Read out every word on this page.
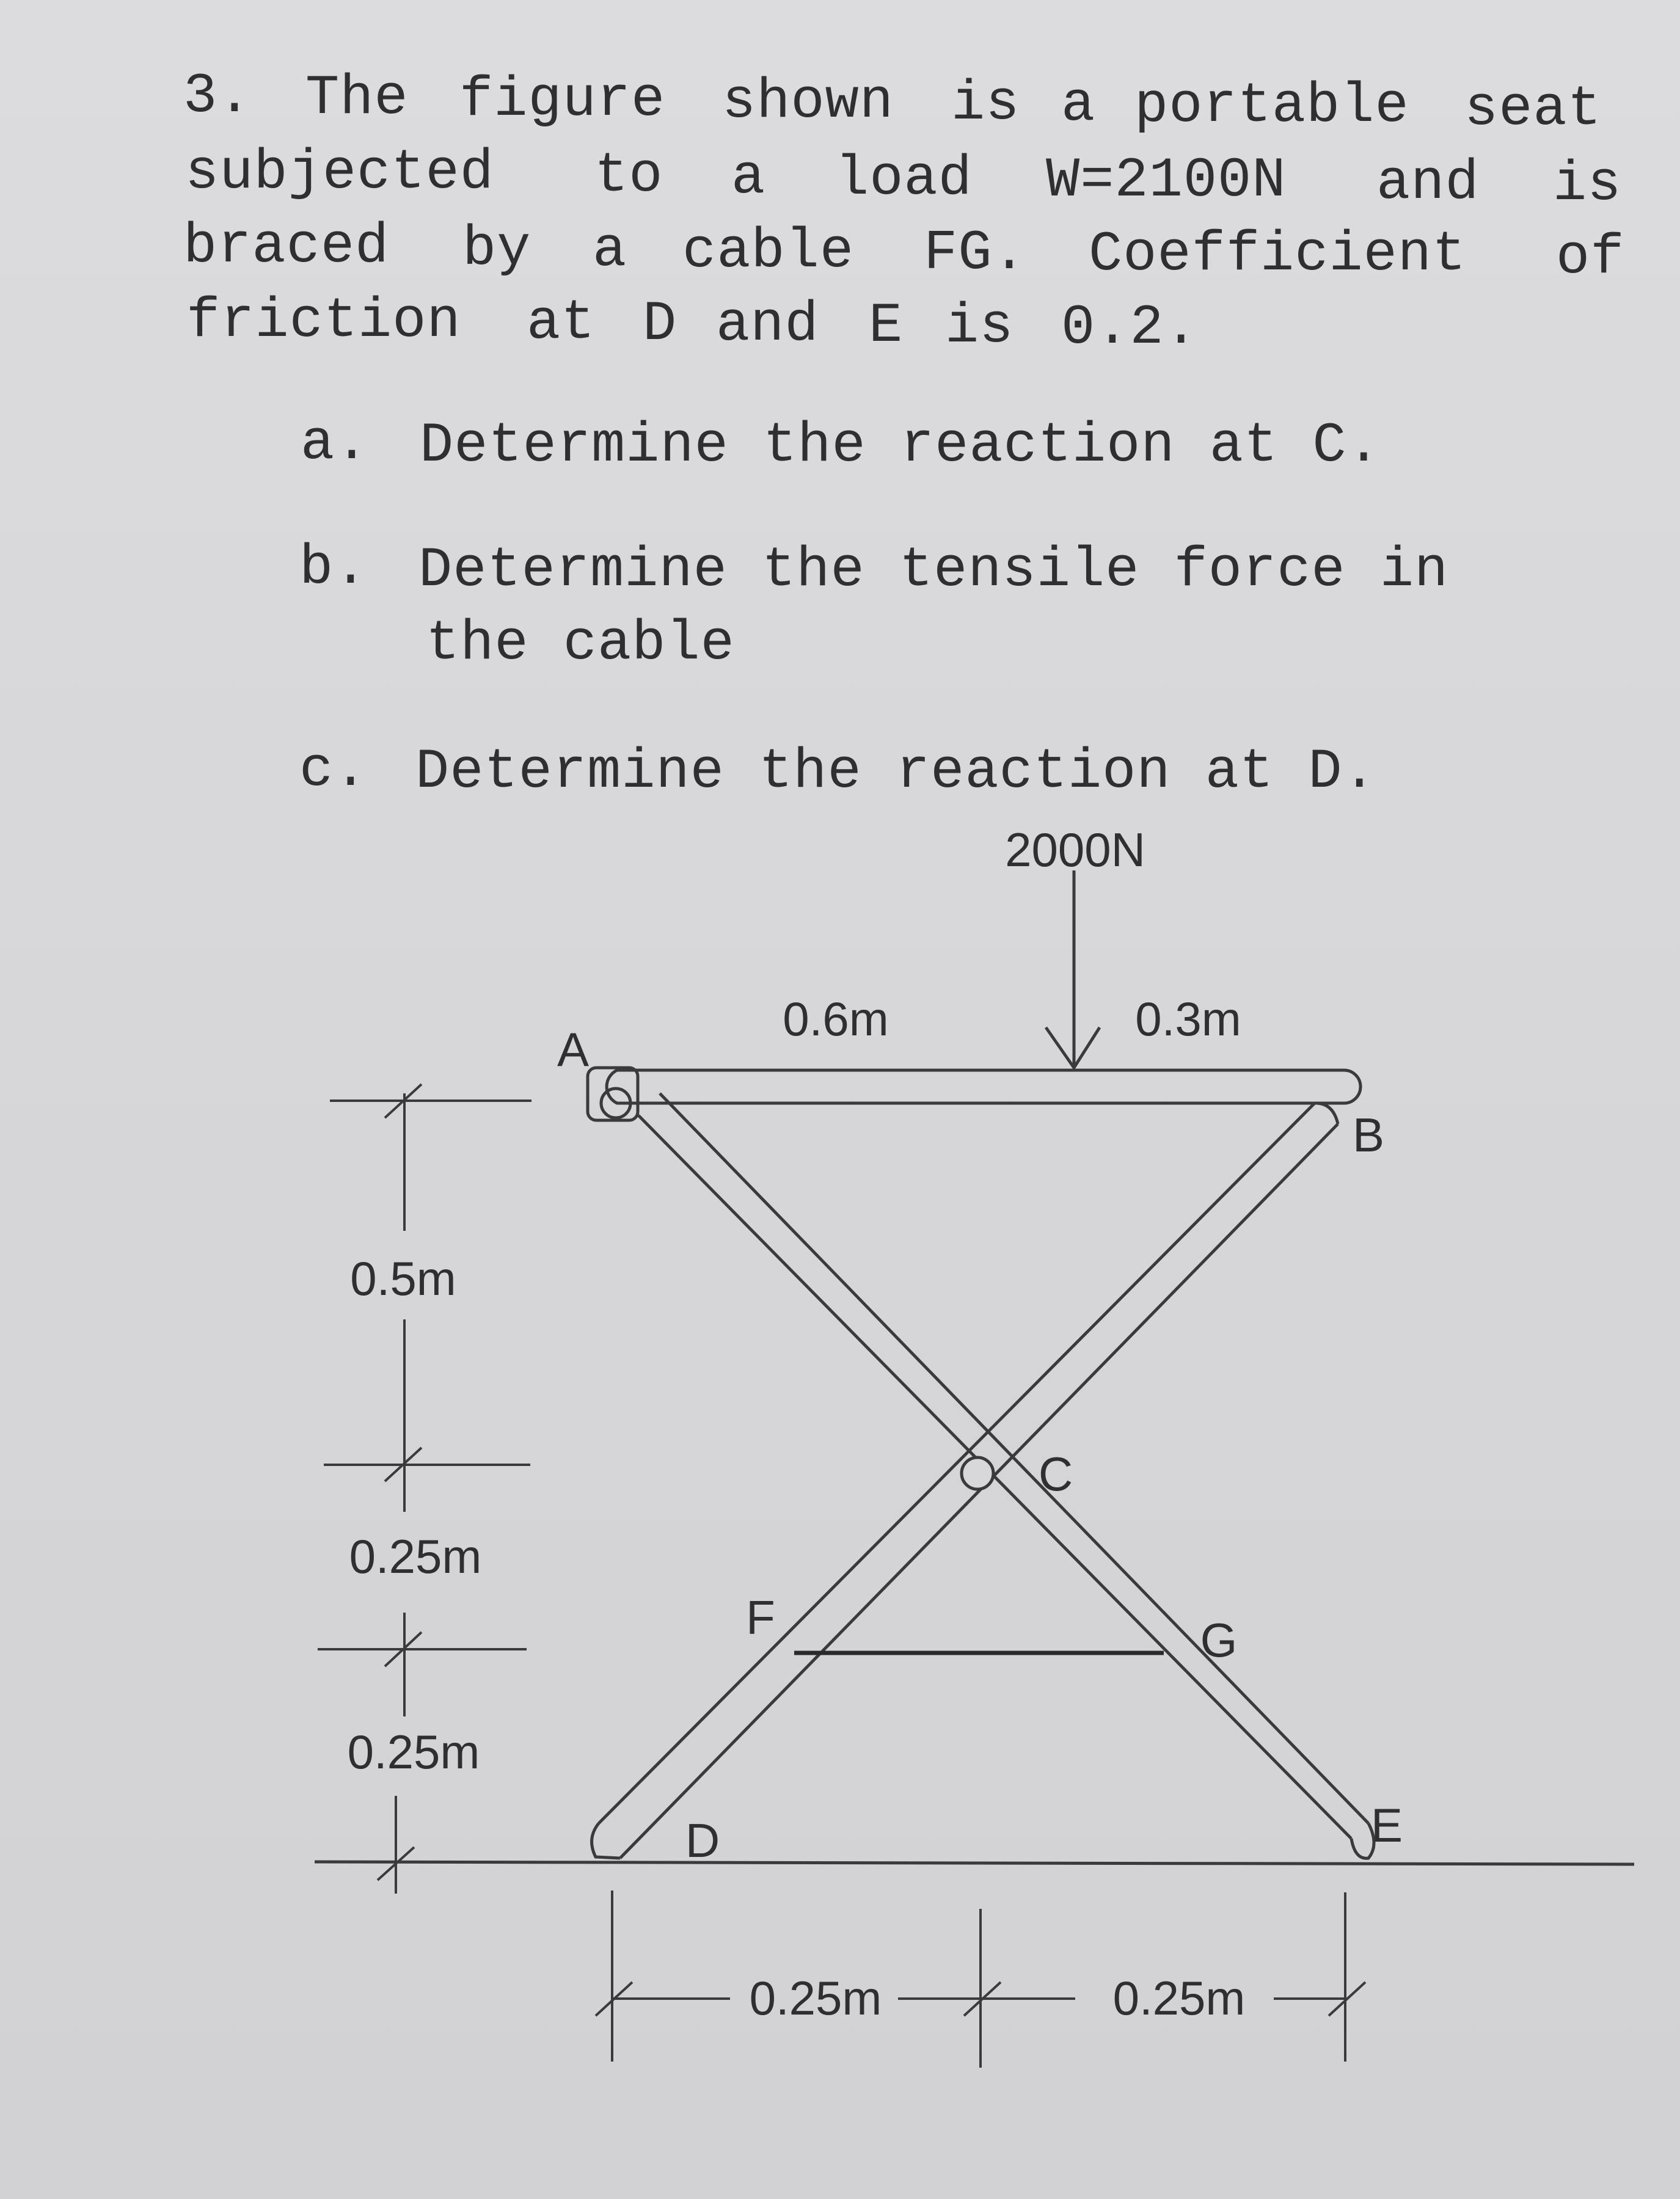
3. The figure shown is a portable seat
subjected to a load W=2100N and is
braced by a cable FG. Coefficient of
friction at D and E is 0.2.
a. Determine the reaction at C.
b. Determine the tensile force in
the cable
c. Determine the reaction at D.
2000N
A
B
C
D	E
F	G
0.6m	0.3m
0.5m
0.25m
0.25m
0.25m	0.25m
